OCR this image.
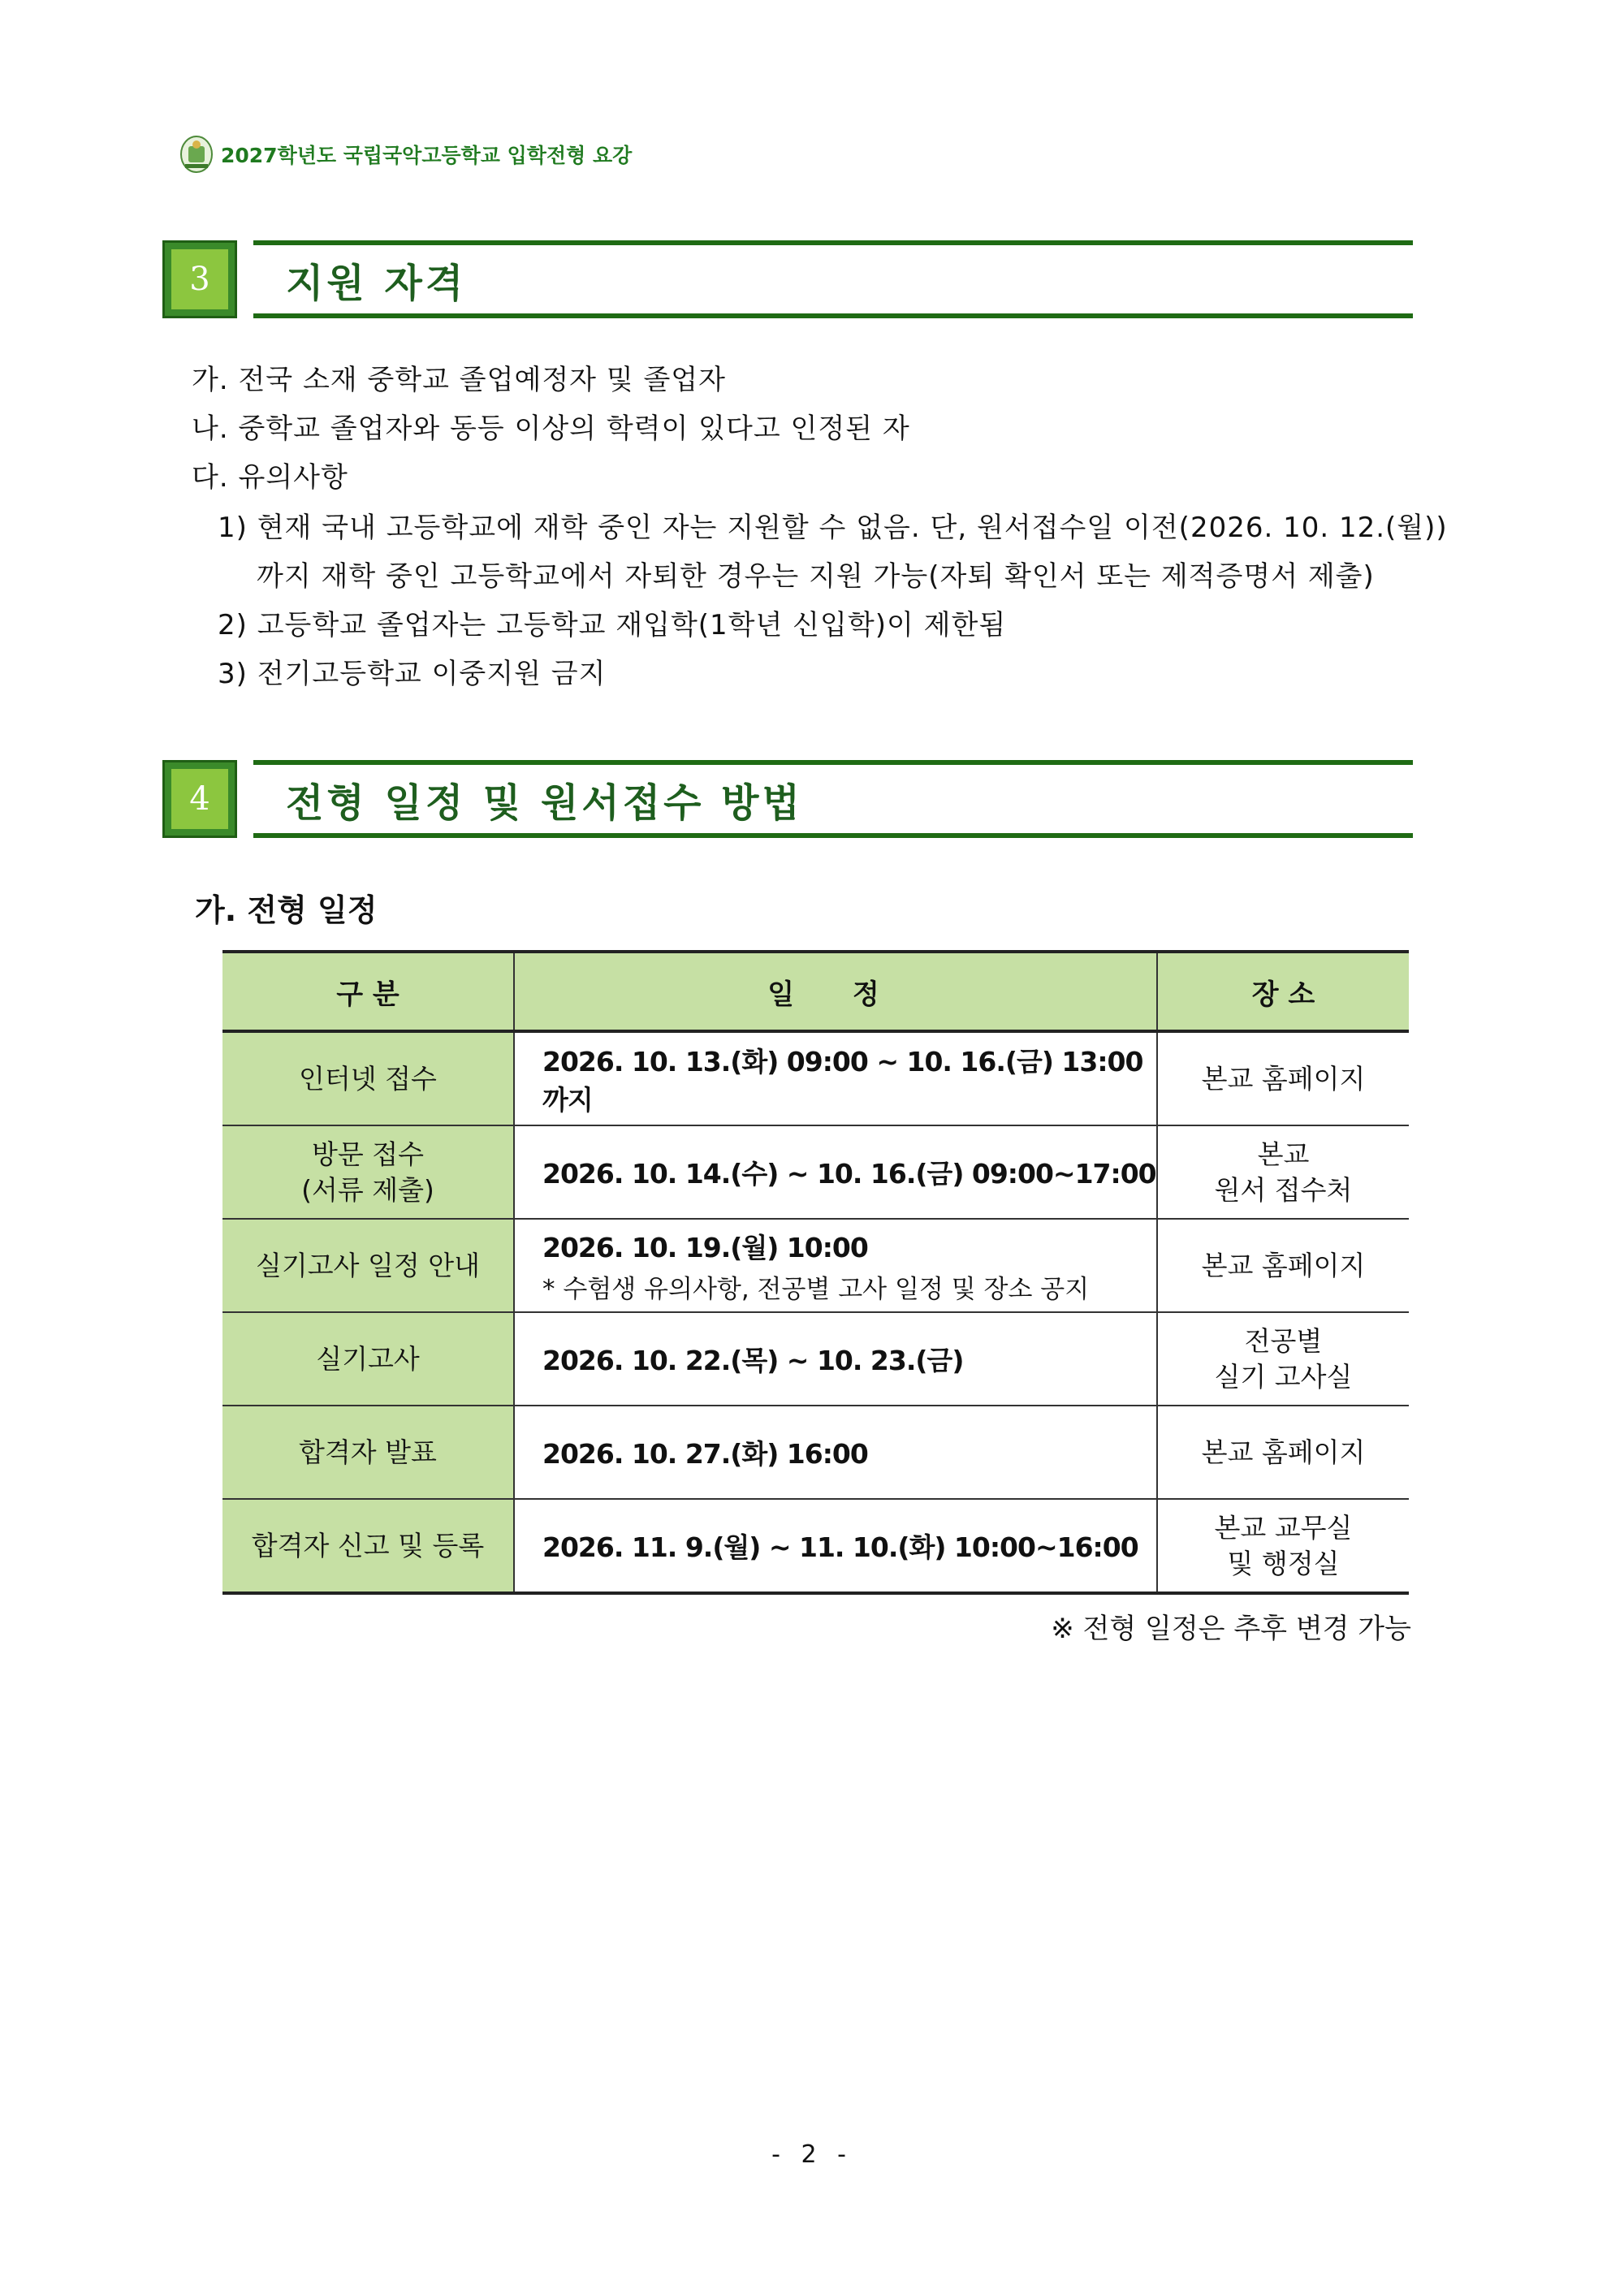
2027학년도 국립국악고등학교 입학전형 요강
3	지원 자격
가. 전국 소재 중학교 졸업예정자 및 졸업자
나. 중학교 졸업자와 동등 이상의 학력이 있다고 인정된 자
다. 유의사항
1) 현재 국내 고등학교에 재학 중인 자는 지원할 수 없음. 단, 원서접수일 이전(2026. 10. 12.(월))
까지 재학 중인 고등학교에서 자퇴한 경우는 지원 가능(자퇴 확인서 또는 제적증명서 제출)
2) 고등학교 졸업자는 고등학교 재입학(1학년 신입학)이 제한됨
3) 전기고등학교 이중지원 금지
4	전형 일정 및 원서접수 방법
가. 전형 일정
구 분	일 정	장 소
인터넷 접수	2026. 10. 13.(화) 09:00 ~ 10. 16.(금) 13:00까지	본교 홈페이지
방문 접수
(서류 제출)	2026. 10. 14.(수) ~ 10. 16.(금) 09:00~17:00	본교
원서 접수처
실기고사 일정 안내	2026. 10. 19.(월) 10:00
* 수험생 유의사항, 전공별 고사 일정 및 장소 공지	본교 홈페이지
실기고사	2026. 10. 22.(목) ~ 10. 23.(금)	전공별
실기 고사실
합격자 발표	2026. 10. 27.(화) 16:00	본교 홈페이지
합격자 신고 및 등록	2026. 11. 9.(월) ~ 11. 10.(화) 10:00~16:00	본교 교무실
및 행정실
※ 전형 일정은 추후 변경 가능
- 2 -
